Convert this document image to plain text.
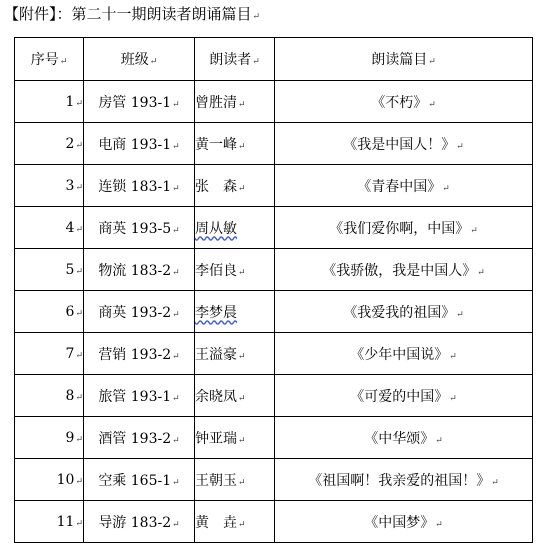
【附件】：第二十一期朗读者朗诵篇目↵
序号↵	班级↵	朗读者↵	朗读篇目↵
1↵	房管 193-1↵	曾胜清↵	《不朽》↵
2↵	电商 193-1↵	黄一峰↵	《我是中国人！》↵
3↵	连锁 183-1↵	张　森↵	《青春中国》↵
4↵	商英 193-5↵	周从敏	《我们爱你啊，中国》↵
5↵	物流 183-2↵	李佰良↵	《我骄傲，我是中国人》↵
6↵	商英 193-2↵	李梦晨	《我爱我的祖国》↵
7↵	营销 193-2↵	王溢豪↵	《少年中国说》↵
8↵	旅管 193-1↵	余晓凤↵	《可爱的中国》↵
9↵	酒管 193-2↵	钟亚瑞↵	《中华颂》↵
10↵	空乘 165-1↵	王朝玉↵	《祖国啊！我亲爱的祖国！》↵
11↵	导游 183-2↵	黄　垚↵	《中国梦》↵
